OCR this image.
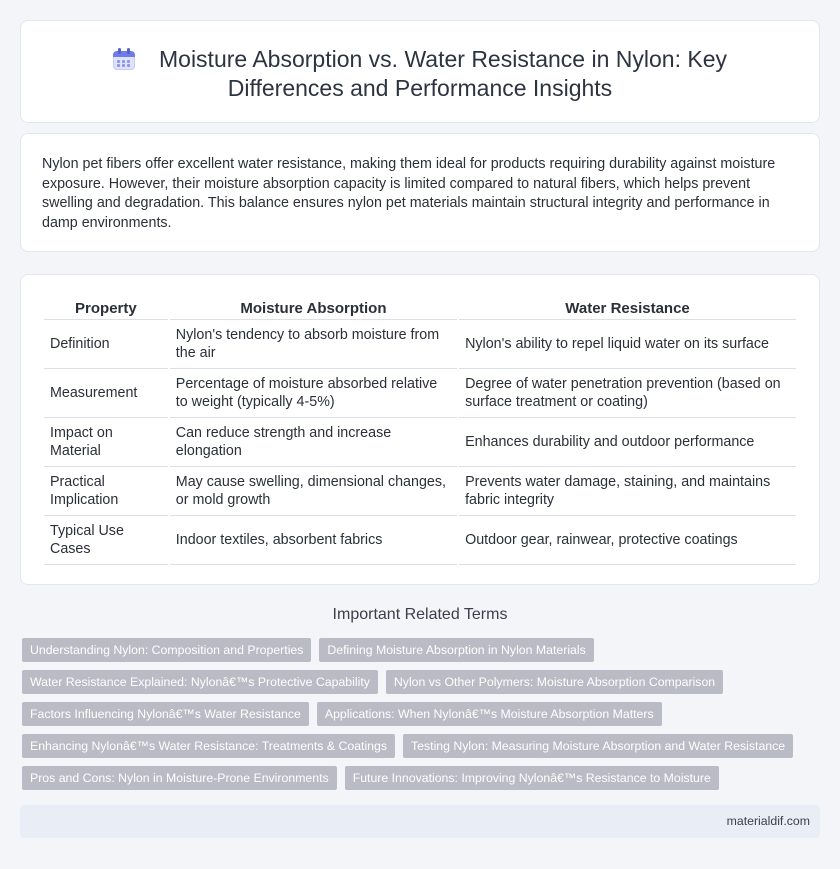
Moisture Absorption vs. Water Resistance in Nylon: Key
Differences and Performance Insights

Nylon pet fibers offer excellent water resistance, making them ideal for products requiring durability against moisture exposure. However, their moisture absorption capacity is limited compared to natural fibers, which helps prevent swelling and degradation. This balance ensures nylon pet materials maintain structural integrity and performance in damp environments.

Property	Moisture Absorption	Water Resistance
Definition	Nylon's tendency to absorb moisture from the air	Nylon's ability to repel liquid water on its surface
Measurement	Percentage of moisture absorbed relative to weight (typically 4-5%)	Degree of water penetration prevention (based on surface treatment or coating)
Impact on Material	Can reduce strength and increase elongation	Enhances durability and outdoor performance
Practical Implication	May cause swelling, dimensional changes, or mold growth	Prevents water damage, staining, and maintains fabric integrity
Typical Use Cases	Indoor textiles, absorbent fabrics	Outdoor gear, rainwear, protective coatings
Important Related Terms
Understanding Nylon: Composition and Properties	Defining Moisture Absorption in Nylon Materials
Water Resistance Explained: Nylonâ€™s Protective Capability	Nylon vs Other Polymers: Moisture Absorption Comparison
Factors Influencing Nylonâ€™s Water Resistance	Applications: When Nylonâ€™s Moisture Absorption Matters
Enhancing Nylonâ€™s Water Resistance: Treatments & Coatings	Testing Nylon: Measuring Moisture Absorption and Water Resistance
Pros and Cons: Nylon in Moisture-Prone Environments	Future Innovations: Improving Nylonâ€™s Resistance to Moisture
materialdif.com
